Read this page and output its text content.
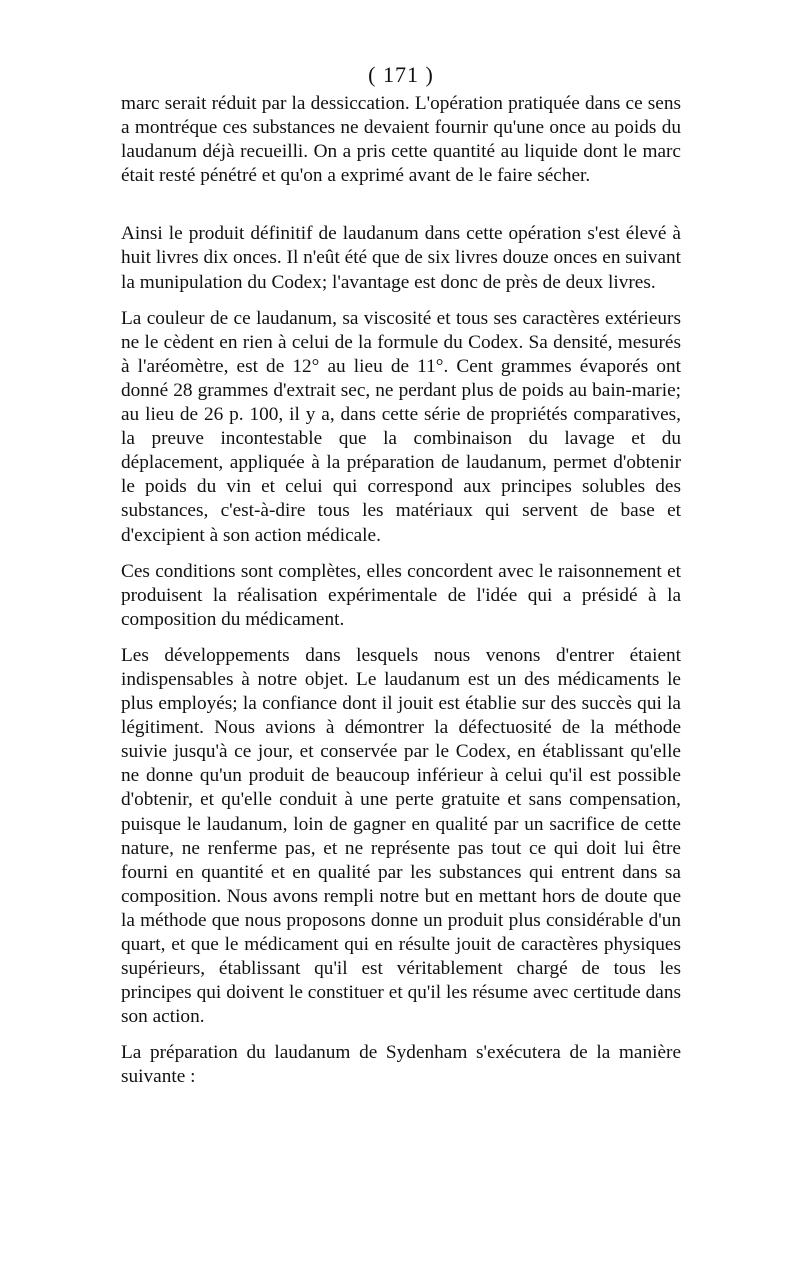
( 171 )

marc serait réduit par la dessiccation. L'opération pratiquée dans ce sens a montréque ces substances ne devaient fournir qu'une once au poids du laudanum déjà recueilli. On a pris cette quantité au liquide dont le marc était resté pénétré et qu'on a exprimé avant de le faire sécher.

Ainsi le produit définitif de laudanum dans cette opération s'est élevé à huit livres dix onces. Il n'eût été que de six livres douze onces en suivant la munipulation du Codex; l'avantage est donc de près de deux livres.

La couleur de ce laudanum, sa viscosité et tous ses caractères extérieurs ne le cèdent en rien à celui de la formule du Codex. Sa densité, mesurés à l'aréomètre, est de 12° au lieu de 11°. Cent grammes évaporés ont donné 28 grammes d'extrait sec, ne perdant plus de poids au bain-marie; au lieu de 26 p. 100, il y a, dans cette série de propriétés comparatives, la preuve incontestable que la combinaison du lavage et du déplacement, appliquée à la préparation de laudanum, permet d'obtenir le poids du vin et celui qui correspond aux principes solubles des substances, c'est-à-dire tous les matériaux qui servent de base et d'excipient à son action médicale.

Ces conditions sont complètes, elles concordent avec le raisonnement et produisent la réalisation expérimentale de l'idée qui a présidé à la composition du médicament.

Les développements dans lesquels nous venons d'entrer étaient indispensables à notre objet. Le laudanum est un des médicaments le plus employés; la confiance dont il jouit est établie sur des succès qui la légitiment. Nous avions à démontrer la défectuosité de la méthode suivie jusqu'à ce jour, et conservée par le Codex, en établissant qu'elle ne donne qu'un produit de beaucoup inférieur à celui qu'il est possible d'obtenir, et qu'elle conduit à une perte gratuite et sans compensation, puisque le laudanum, loin de gagner en qualité par un sacrifice de cette nature, ne renferme pas, et ne représente pas tout ce qui doit lui être fourni en quantité et en qualité par les substances qui entrent dans sa composition. Nous avons rempli notre but en mettant hors de doute que la méthode que nous proposons donne un produit plus considérable d'un quart, et que le médicament qui en résulte jouit de caractères physiques supérieurs, établissant qu'il est véritablement chargé de tous les principes qui doivent le constituer et qu'il les résume avec certitude dans son action.

La préparation du laudanum de Sydenham s'exécutera de la manière suivante :
